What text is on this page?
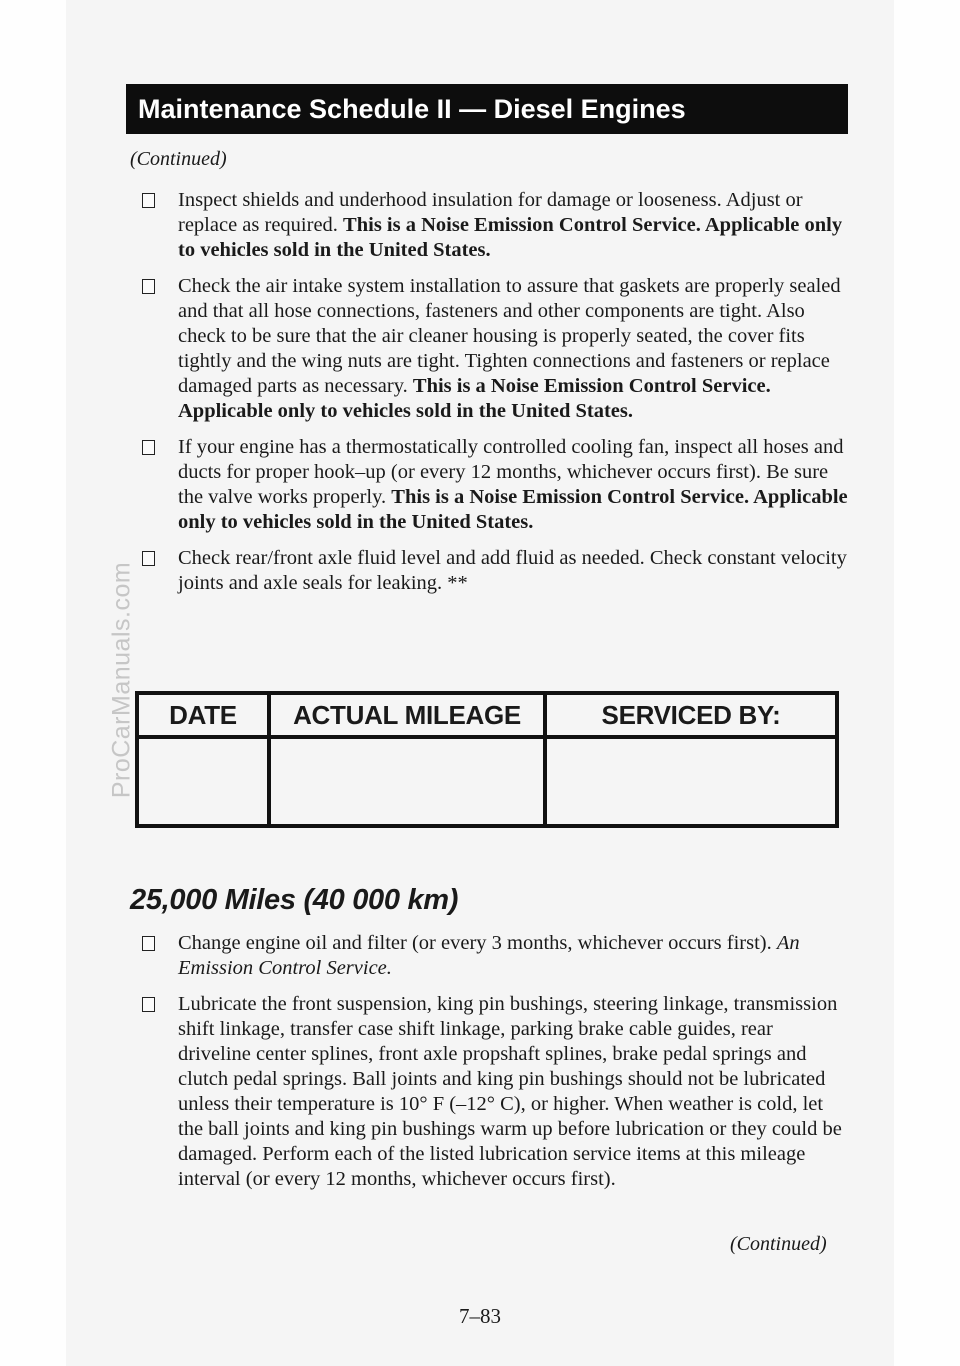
ProCarManuals.com
Maintenance Schedule II — Diesel Engines
(Continued)
Inspect shields and underhood insulation for damage or looseness. Adjust or replace as required. This is a Noise Emission Control Service. Applicable only to vehicles sold in the United States.
Check the air intake system installation to assure that gaskets are properly sealed and that all hose connections, fasteners and other components are tight. Also check to be sure that the air cleaner housing is properly seated, the cover fits tightly and the wing nuts are tight. Tighten connections and fasteners or replace damaged parts as necessary. This is a Noise Emission Control Service. Applicable only to vehicles sold in the United States.
If your engine has a thermostatically controlled cooling fan, inspect all hoses and ducts for proper hook–up (or every 12 months, whichever occurs first). Be sure the valve works properly. This is a Noise Emission Control Service. Applicable only to vehicles sold in the United States.
Check rear/front axle fluid level and add fluid as needed. Check constant velocity joints and axle seals for leaking. **
DATE	ACTUAL MILEAGE	SERVICED BY:
25,000 Miles (40 000 km)
Change engine oil and filter (or every 3 months, whichever occurs first). An Emission Control Service.
Lubricate the front suspension, king pin bushings, steering linkage, transmission shift linkage, transfer case shift linkage, parking brake cable guides, rear driveline center splines, front axle propshaft splines, brake pedal springs and clutch pedal springs. Ball joints and king pin bushings should not be lubricated unless their temperature is 10° F (–12° C), or higher. When weather is cold, let the ball joints and king pin bushings warm up before lubrication or they could be damaged. Perform each of the listed lubrication service items at this mileage interval (or every 12 months, whichever occurs first).
(Continued)
7–83
